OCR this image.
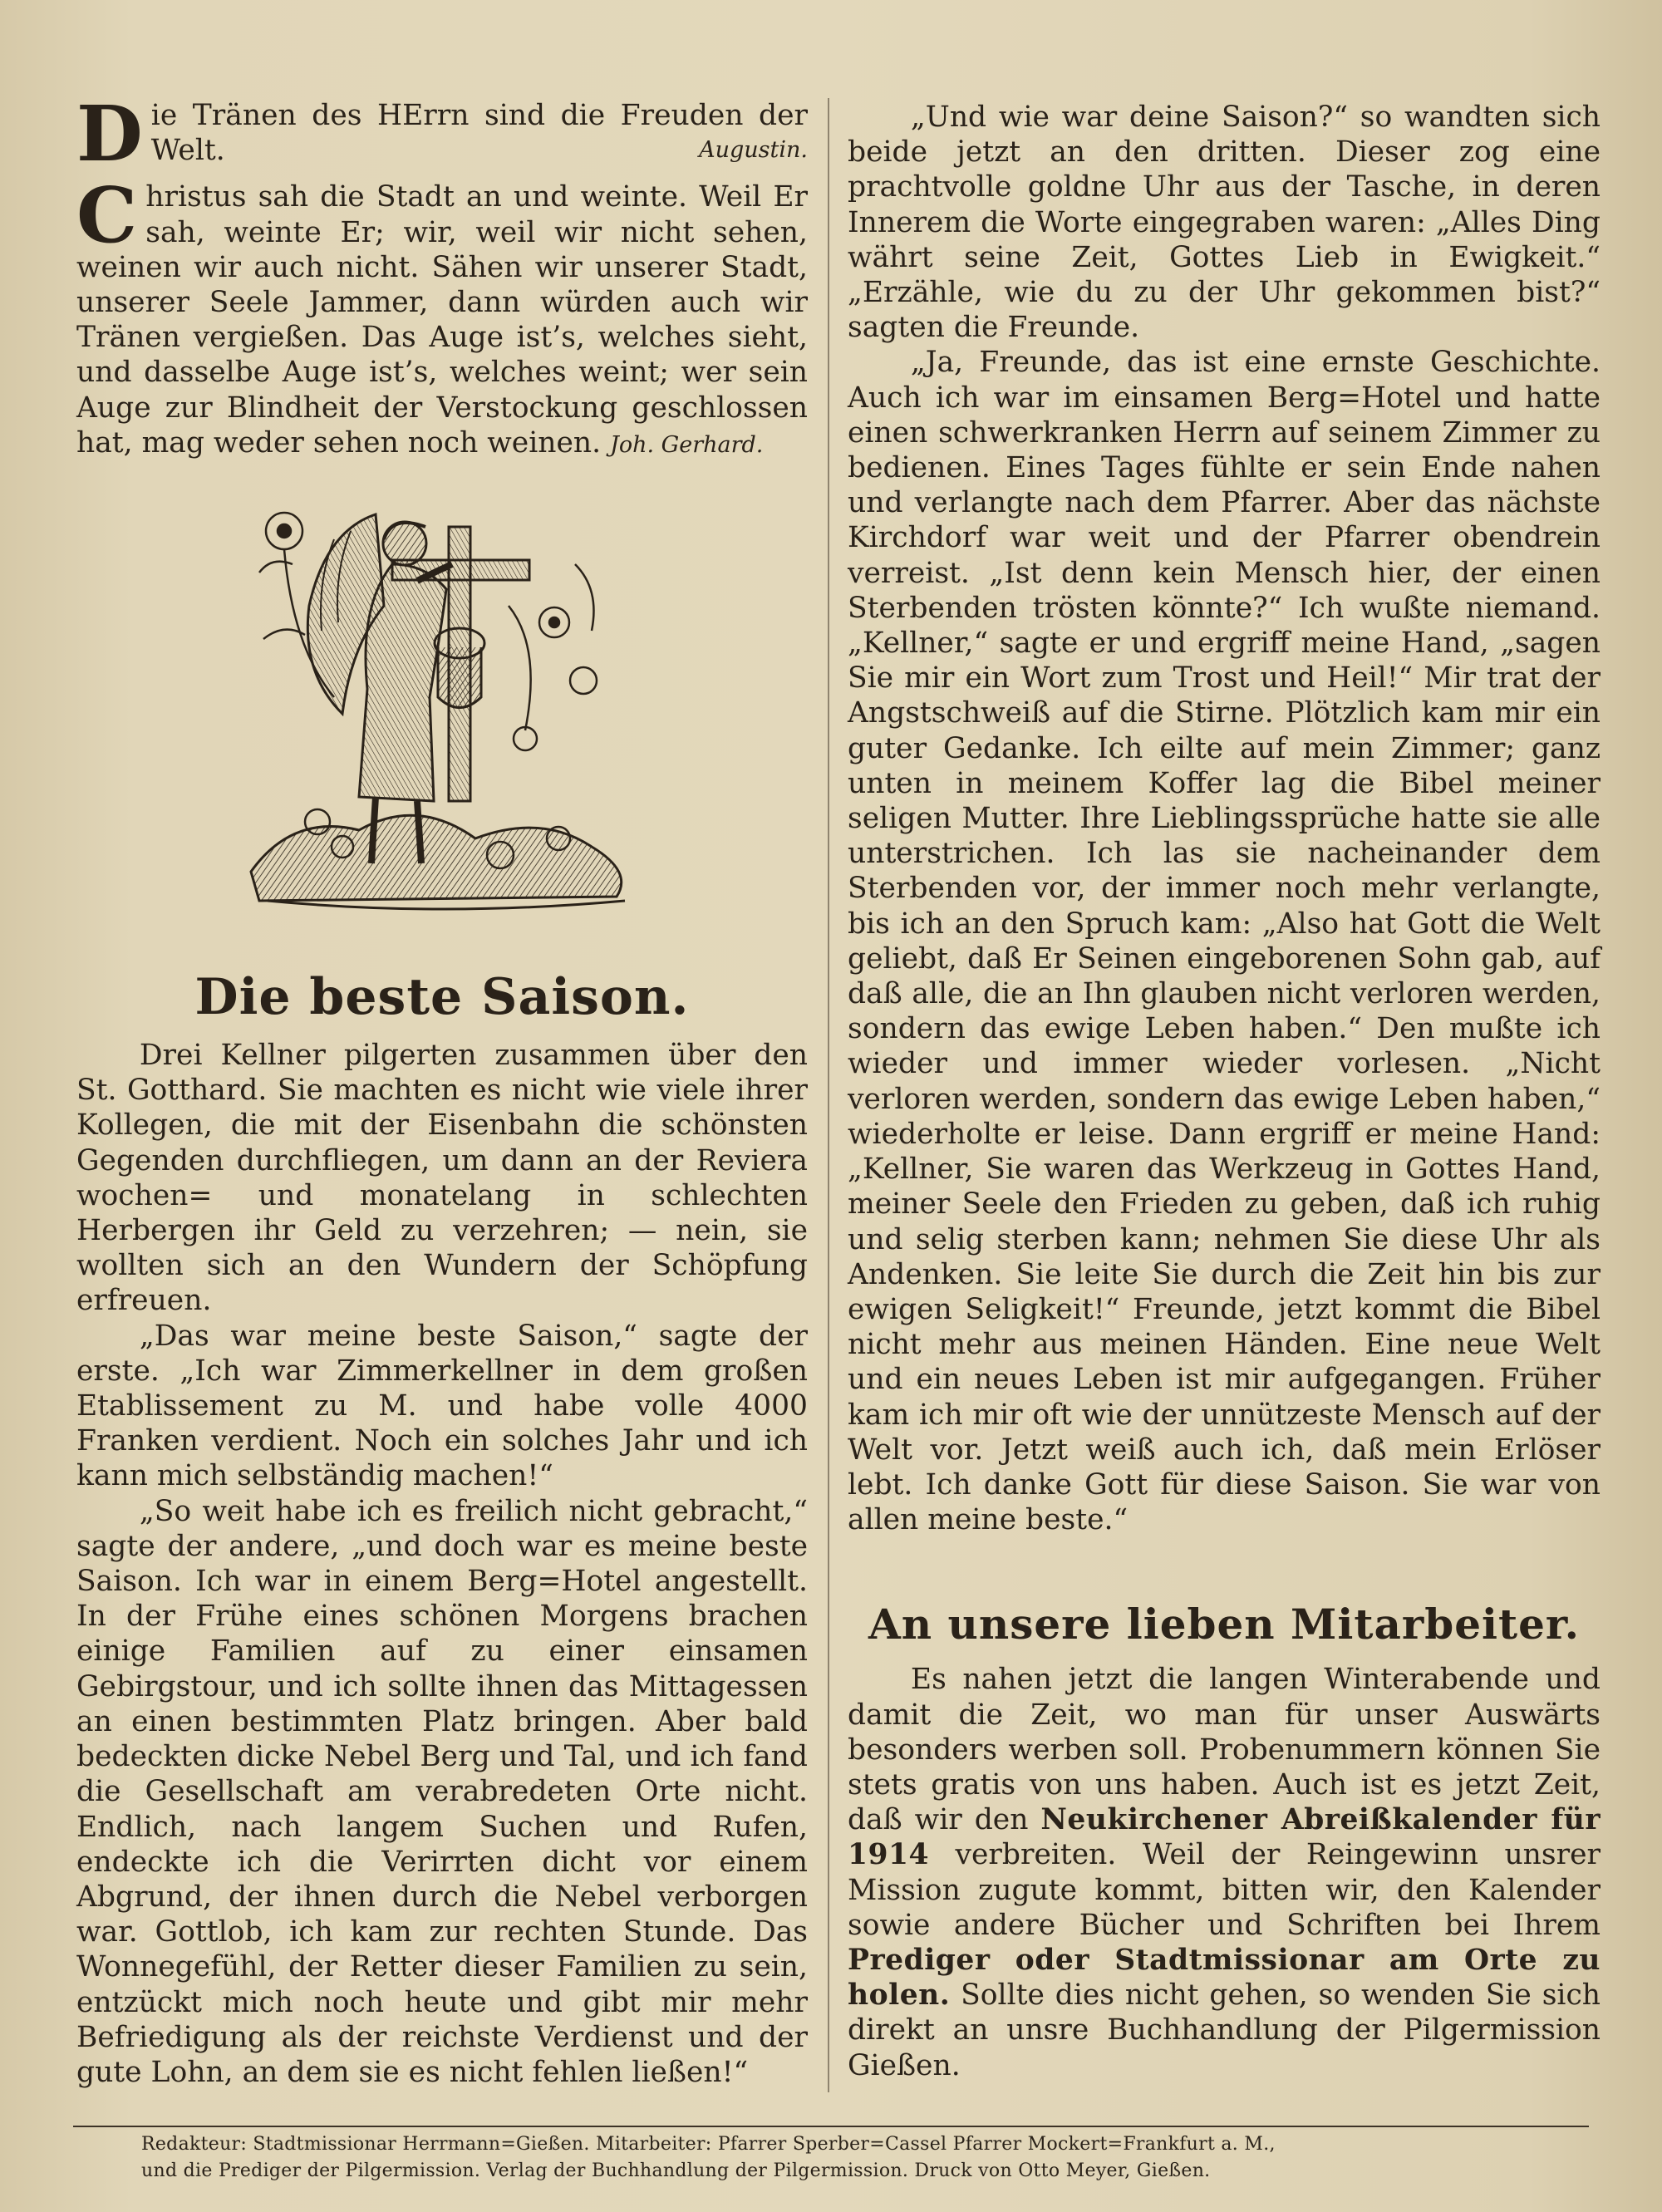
D ie Tränen des HErrn sind die Freuden der Welt.	Augustin.
C hristus sah die Stadt an und weinte. Weil Er sah, weinte Er; wir, weil wir nicht sehen, weinen wir auch nicht. Sähen wir unserer Stadt, unserer Seele Jammer, dann würden auch wir Tränen vergießen. Das Auge ist’s, welches sieht, und dasselbe Auge ist’s, welches weint; wer sein Auge zur Blindheit der Verstockung geschlossen hat, mag weder sehen noch weinen. Joh. Gerhard.
Die beste Saison.

Drei Kellner pilgerten zusammen über den St. Gotthard. Sie machten es nicht wie viele ihrer Kollegen, die mit der Eisenbahn die schönsten Gegenden durchfliegen, um dann an der Reviera wochen= und monatelang in schlechten Herbergen ihr Geld zu verzehren; — nein, sie wollten sich an den Wundern der Schöpfung erfreuen.

„Das war meine beste Saison,“ sagte der erste. „Ich war Zimmerkellner in dem großen Etablissement zu M. und habe volle 4000 Franken verdient. Noch ein solches Jahr und ich kann mich selbständig machen!“

„So weit habe ich es freilich nicht gebracht,“ sagte der andere, „und doch war es meine beste Saison. Ich war in einem Berg=Hotel angestellt. In der Frühe eines schönen Morgens brachen einige Familien auf zu einer einsamen Gebirgstour, und ich sollte ihnen das Mittagessen an einen bestimmten Platz bringen. Aber bald bedeckten dicke Nebel Berg und Tal, und ich fand die Gesellschaft am verabredeten Orte nicht. Endlich, nach langem Suchen und Rufen, endeckte ich die Verirrten dicht vor einem Abgrund, der ihnen durch die Nebel verborgen war. Gottlob, ich kam zur rechten Stunde. Das Wonnegefühl, der Retter dieser Familien zu sein, entzückt mich noch heute und gibt mir mehr Befriedigung als der reichste Verdienst und der gute Lohn, an dem sie es nicht fehlen ließen!“

„Und wie war deine Saison?“ so wandten sich beide jetzt an den dritten. Dieser zog eine prachtvolle goldne Uhr aus der Tasche, in deren Innerem die Worte eingegraben waren: „Alles Ding währt seine Zeit, Gottes Lieb in Ewigkeit.“ „Erzähle, wie du zu der Uhr gekommen bist?“ sagten die Freunde.

„Ja, Freunde, das ist eine ernste Geschichte. Auch ich war im einsamen Berg=Hotel und hatte einen schwerkranken Herrn auf seinem Zimmer zu bedienen. Eines Tages fühlte er sein Ende nahen und verlangte nach dem Pfarrer. Aber das nächste Kirchdorf war weit und der Pfarrer obendrein verreist. „Ist denn kein Mensch hier, der einen Sterbenden trösten könnte?“ Ich wußte niemand. „Kellner,“ sagte er und ergriff meine Hand, „sagen Sie mir ein Wort zum Trost und Heil!“ Mir trat der Angstschweiß auf die Stirne. Plötzlich kam mir ein guter Gedanke. Ich eilte auf mein Zimmer; ganz unten in meinem Koffer lag die Bibel meiner seligen Mutter. Ihre Lieblingssprüche hatte sie alle unterstrichen. Ich las sie nacheinander dem Sterbenden vor, der immer noch mehr verlangte, bis ich an den Spruch kam: „Also hat Gott die Welt geliebt, daß Er Seinen eingeborenen Sohn gab, auf daß alle, die an Ihn glauben nicht verloren werden, sondern das ewige Leben haben.“ Den mußte ich wieder und immer wieder vorlesen. „Nicht verloren werden, sondern das ewige Leben haben,“ wiederholte er leise. Dann ergriff er meine Hand: „Kellner, Sie waren das Werkzeug in Gottes Hand, meiner Seele den Frieden zu geben, daß ich ruhig und selig sterben kann; nehmen Sie diese Uhr als Andenken. Sie leite Sie durch die Zeit hin bis zur ewigen Seligkeit!“ Freunde, jetzt kommt die Bibel nicht mehr aus meinen Händen. Eine neue Welt und ein neues Leben ist mir aufgegangen. Früher kam ich mir oft wie der unnützeste Mensch auf der Welt vor. Jetzt weiß auch ich, daß mein Erlöser lebt. Ich danke Gott für diese Saison. Sie war von allen meine beste.“

An unsere lieben Mitarbeiter.

Es nahen jetzt die langen Winterabende und damit die Zeit, wo man für unser Auswärts besonders werben soll. Probenummern können Sie stets gratis von uns haben. Auch ist es jetzt Zeit, daß wir den Neukirchener Abreißkalender für 1914 verbreiten. Weil der Reingewinn unsrer Mission zugute kommt, bitten wir, den Kalender sowie andere Bücher und Schriften bei Ihrem Prediger oder Stadtmissionar am Orte zu holen. Sollte dies nicht gehen, so wenden Sie sich direkt an unsre Buchhandlung der Pilgermission Gießen.

Redakteur: Stadtmissionar Herrmann=Gießen. Mitarbeiter: Pfarrer Sperber=Cassel Pfarrer Mockert=Frankfurt a. M.,
und die Prediger der Pilgermission. Verlag der Buchhandlung der Pilgermission. Druck von Otto Meyer, Gießen.
